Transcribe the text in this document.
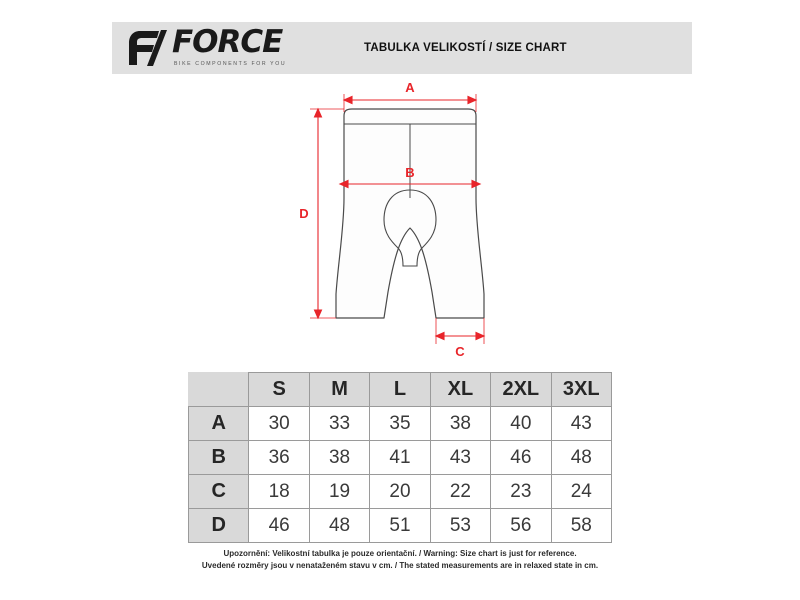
FORCE
BIKE COMPONENTS FOR YOU
TABULKA VELIKOSTÍ / SIZE CHART
A
B
C
D
	S	M	L	XL	2XL	3XL
A	30	33	35	38	40	43
B	36	38	41	43	46	48
C	18	19	20	22	23	24
D	46	48	51	53	56	58
Upozornění: Velikostní tabulka je pouze orientační. / Warning: Size chart is just for reference.
Uvedené rozměry jsou v nenataženém stavu v cm. / The stated measurements are in relaxed state in cm.
